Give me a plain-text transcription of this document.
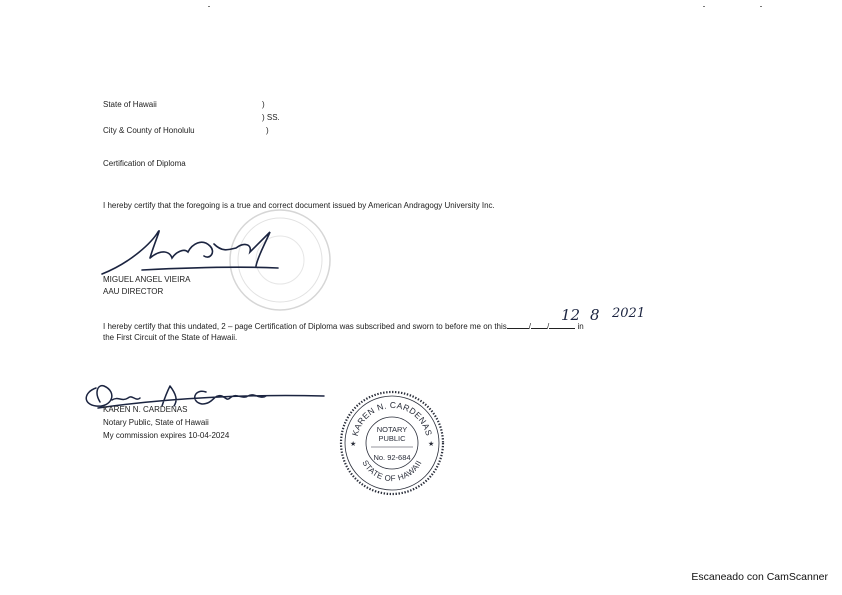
State of Hawaii	)
) SS.
City & County of Honolulu	)
Certification of Diploma
I hereby certify that the foregoing is a true and correct document issued by American Andragogy University Inc.
MIGUEL ANGEL VIEIRA
AAU DIRECTOR
I hereby certify that this undated, 2 – page Certification of Diploma was subscribed and sworn to before me on this	/ /	in
12 8 2021
the First Circuit of the State of Hawaii.
KAREN N. CARDENAS
Notary Public, State of Hawaii
My commission expires 10-04-2024	KAREN N. CARDENAS
STATE OF HAWAII
NOTARY
PUBLIC
No. 92-684
★	★
Escaneado con CamScanner
